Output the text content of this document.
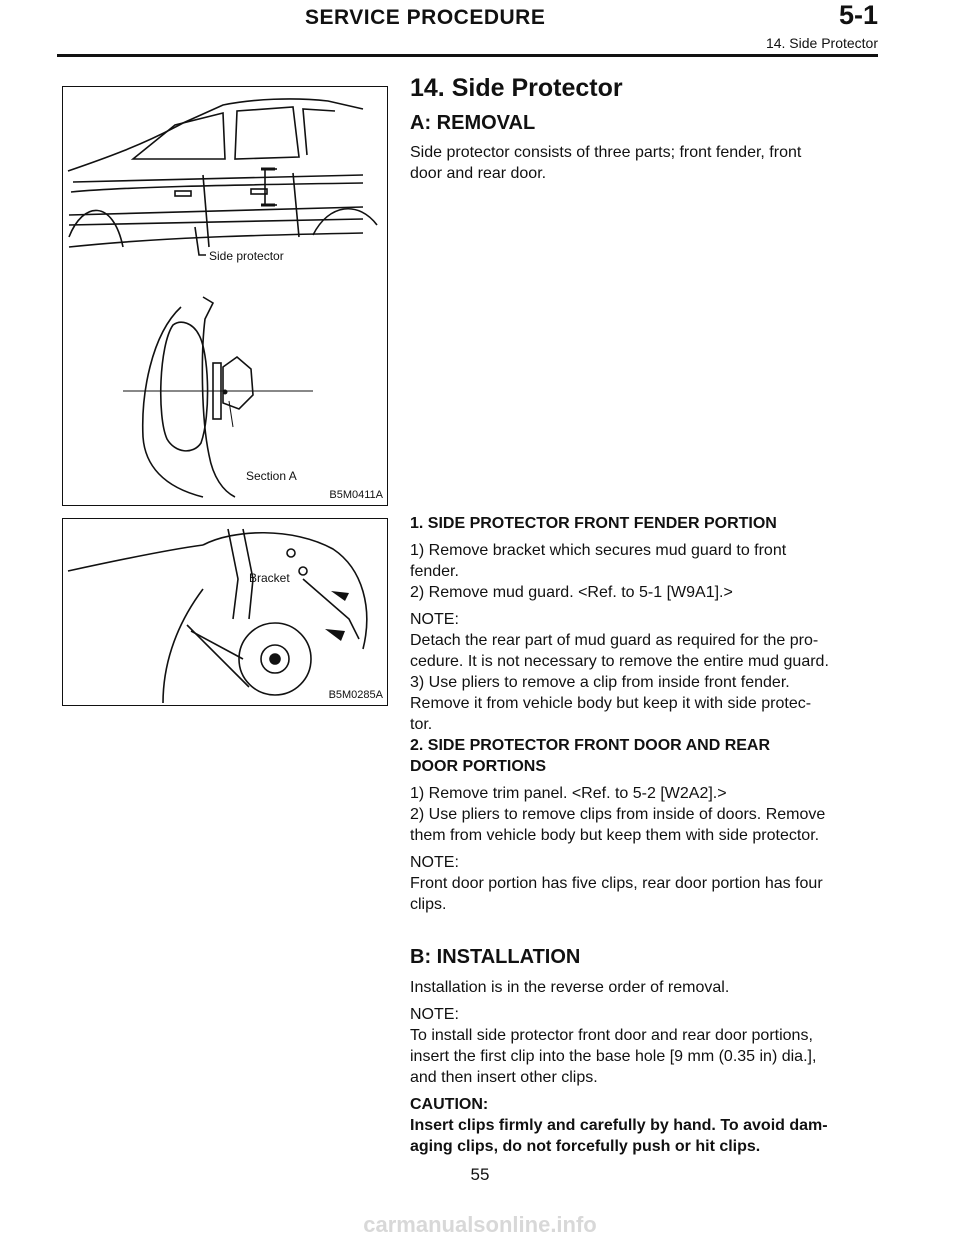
SERVICE PROCEDURE	5-1
14. Side Protector
Side protector
Section A
B5M0411A
Bracket
B5M0285A

14. Side Protector

A: REMOVAL

Side protector consists of three parts; front fender, front

door and rear door.

1. SIDE PROTECTOR FRONT FENDER PORTION

1) Remove bracket which secures mud guard to front

fender.

2) Remove mud guard. <Ref. to 5-1 [W9A1].>

NOTE:

Detach the rear part of mud guard as required for the pro-

cedure. It is not necessary to remove the entire mud guard.

3) Use pliers to remove a clip from inside front fender.

Remove it from vehicle body but keep it with side protec-

tor.

2. SIDE PROTECTOR FRONT DOOR AND REAR

DOOR PORTIONS

1) Remove trim panel. <Ref. to 5-2 [W2A2].>

2) Use pliers to remove clips from inside of doors. Remove

them from vehicle body but keep them with side protector.

NOTE:

Front door portion has five clips, rear door portion has four

clips.

B: INSTALLATION

Installation is in the reverse order of removal.

NOTE:

To install side protector front door and rear door portions,

insert the first clip into the base hole [9 mm (0.35 in) dia.],

and then insert other clips.

CAUTION:

Insert clips firmly and carefully by hand. To avoid dam-

aging clips, do not forcefully push or hit clips.

55
carmanualsonline.info
